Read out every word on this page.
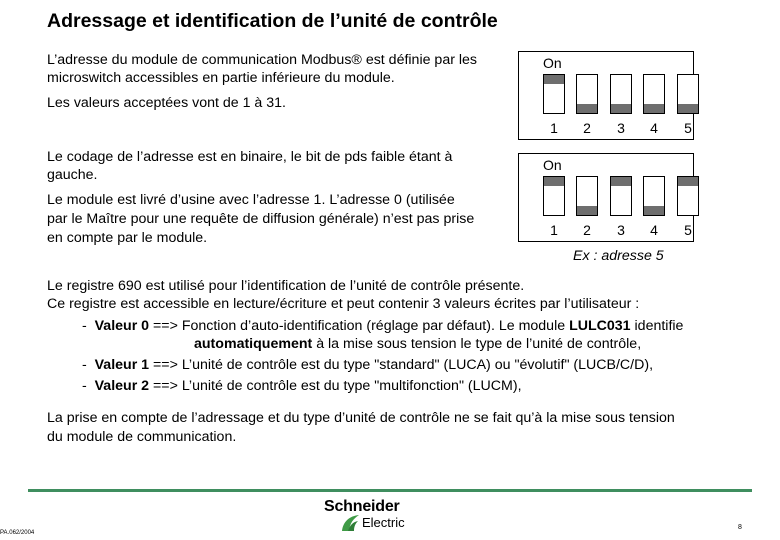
Adressage et identification de l’unité de contrôle
L’adresse du module de communication Modbus® est définie par les
microswitch accessibles en partie inférieure du module.
Les valeurs acceptées vont de 1 à 31.
Le codage de l’adresse est en binaire, le bit de pds faible étant à
gauche.
Le module est livré d’usine avec l’adresse 1. L’adresse 0 (utilisée
par le Maître pour une requête de diffusion générale) n’est pas prise
en compte par le module.
On
1	2	3	4	5
On
1	2	3	4	5
Ex : adresse 5
Le registre 690 est utilisé pour l’identification de l’unité de contrôle présente.
Ce registre est accessible en lecture/écriture et peut contenir 3 valeurs écrites par l’utilisateur :
- Valeur 0 ==> Fonction d’auto-identification (réglage par défaut). Le module LULC031 identifie
automatiquement à la mise sous tension le type de l’unité de contrôle,
- Valeur 1 ==> L’unité de contrôle est du type "standard" (LUCA) ou "évolutif" (LUCB/C/D),
- Valeur 2 ==> L’unité de contrôle est du type "multifonction" (LUCM),
La prise en compte de l’adressage et du type d’unité de contrôle ne se fait qu’à la mise sous tension
du module de communication.
Schneider
Electric
PA.062/2004
8
